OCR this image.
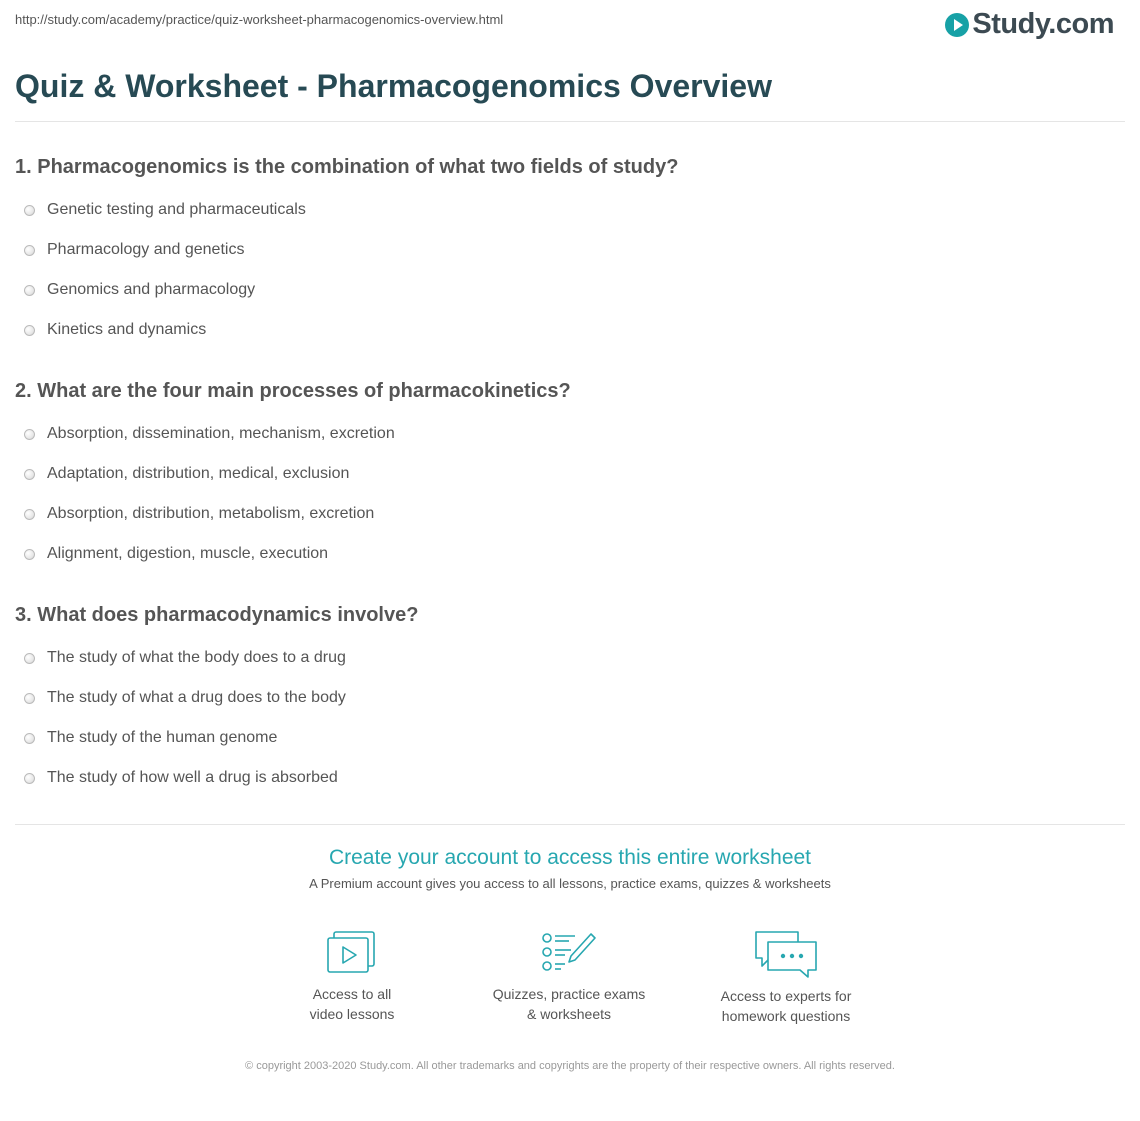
http://study.com/academy/practice/quiz-worksheet-pharmacogenomics-overview.html	Study.com
Quiz & Worksheet - Pharmacogenomics Overview
1. Pharmacogenomics is the combination of what two fields of study?
Genetic testing and pharmaceuticals
Pharmacology and genetics
Genomics and pharmacology
Kinetics and dynamics
2. What are the four main processes of pharmacokinetics?
Absorption, dissemination, mechanism, excretion
Adaptation, distribution, medical, exclusion
Absorption, distribution, metabolism, excretion
Alignment, digestion, muscle, execution
3. What does pharmacodynamics involve?
The study of what the body does to a drug
The study of what a drug does to the body
The study of the human genome
The study of how well a drug is absorbed
Create your account to access this entire worksheet
A Premium account gives you access to all lessons, practice exams, quizzes & worksheets
Access to all
video lessons
Quizzes, practice exams
& worksheets
Access to experts for
homework questions
© copyright 2003-2020 Study.com. All other trademarks and copyrights are the property of their respective owners. All rights reserved.
